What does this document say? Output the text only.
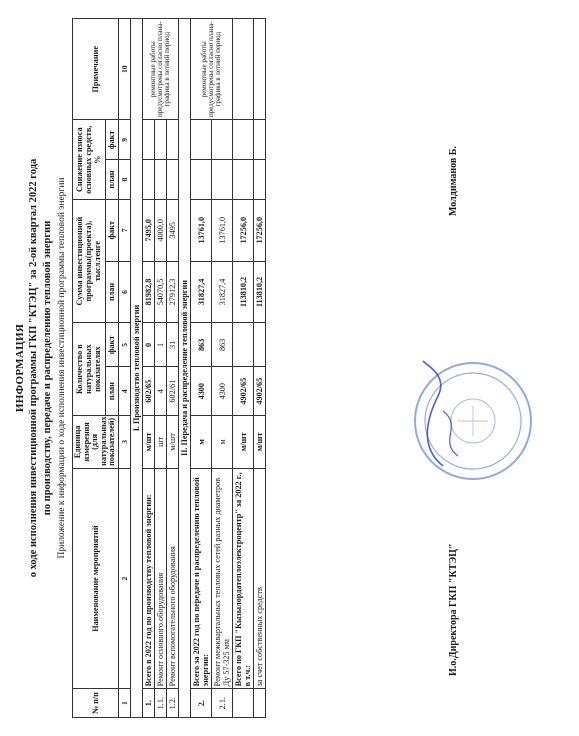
ИНФОРМАЦИЯ о ходе исполнения инвестиционной программы ГКП "КТЭЦ" за 2-ой квартал 2022 года по производству, передаче и распределению тепловой энергии Приложение к информации о ходе исполнения инвестиционной программы тепловой энергии
№ п/п	Наименование мероприятий	Единица измерения (для натуральных показателей)	Количество в натуральных показателях		Сумма инвестиционной программы(проекта), тысл.тенге		Снижение износа основных средств, %		Примечание
			план	факт	план	факт	план	факт	
1	2	3	4	5	6	7	8	9	10
I. Производство тепловой энергии									
1.	Всего в 2022 год по производству тепловой энергии:	м/шт	602/65	0	81982,8	7495,0			ремонтные работы предусмотрены согласно плана-графика в летний период
1.1.	Ремонт основного оборудования	шт	4	1	54070,5	4000,0			
1.2.	Ремонт вспомогательного оборудования	м/шт	602/61	31	27912,3	3495			
II. Передача и распределение тепловой энергии									
2.	Всего за 2022 год по передаче и распределению тепловой энергии:	м	4300	863	31827,4	13761,0			ремонтные работы предусмотрены согласно плана-графика в летний период
2.1.	Ремонт межквартальных тепловых сетей разных диаметров Ду 57-325 мм	м	4300	863	31827,4	13761,0			
	Всего по ГКП "Кызылордатеплоэлектроцентр" за 2022 г., в т.ч.:	м/шт	4902/65		113810,2	17256,0			
	за счет собственных средств	м/шт	4902/65		113810,2	17256,0			
И.о.Директора ГКП "КТЭЦ"
Молдиманов Б.
